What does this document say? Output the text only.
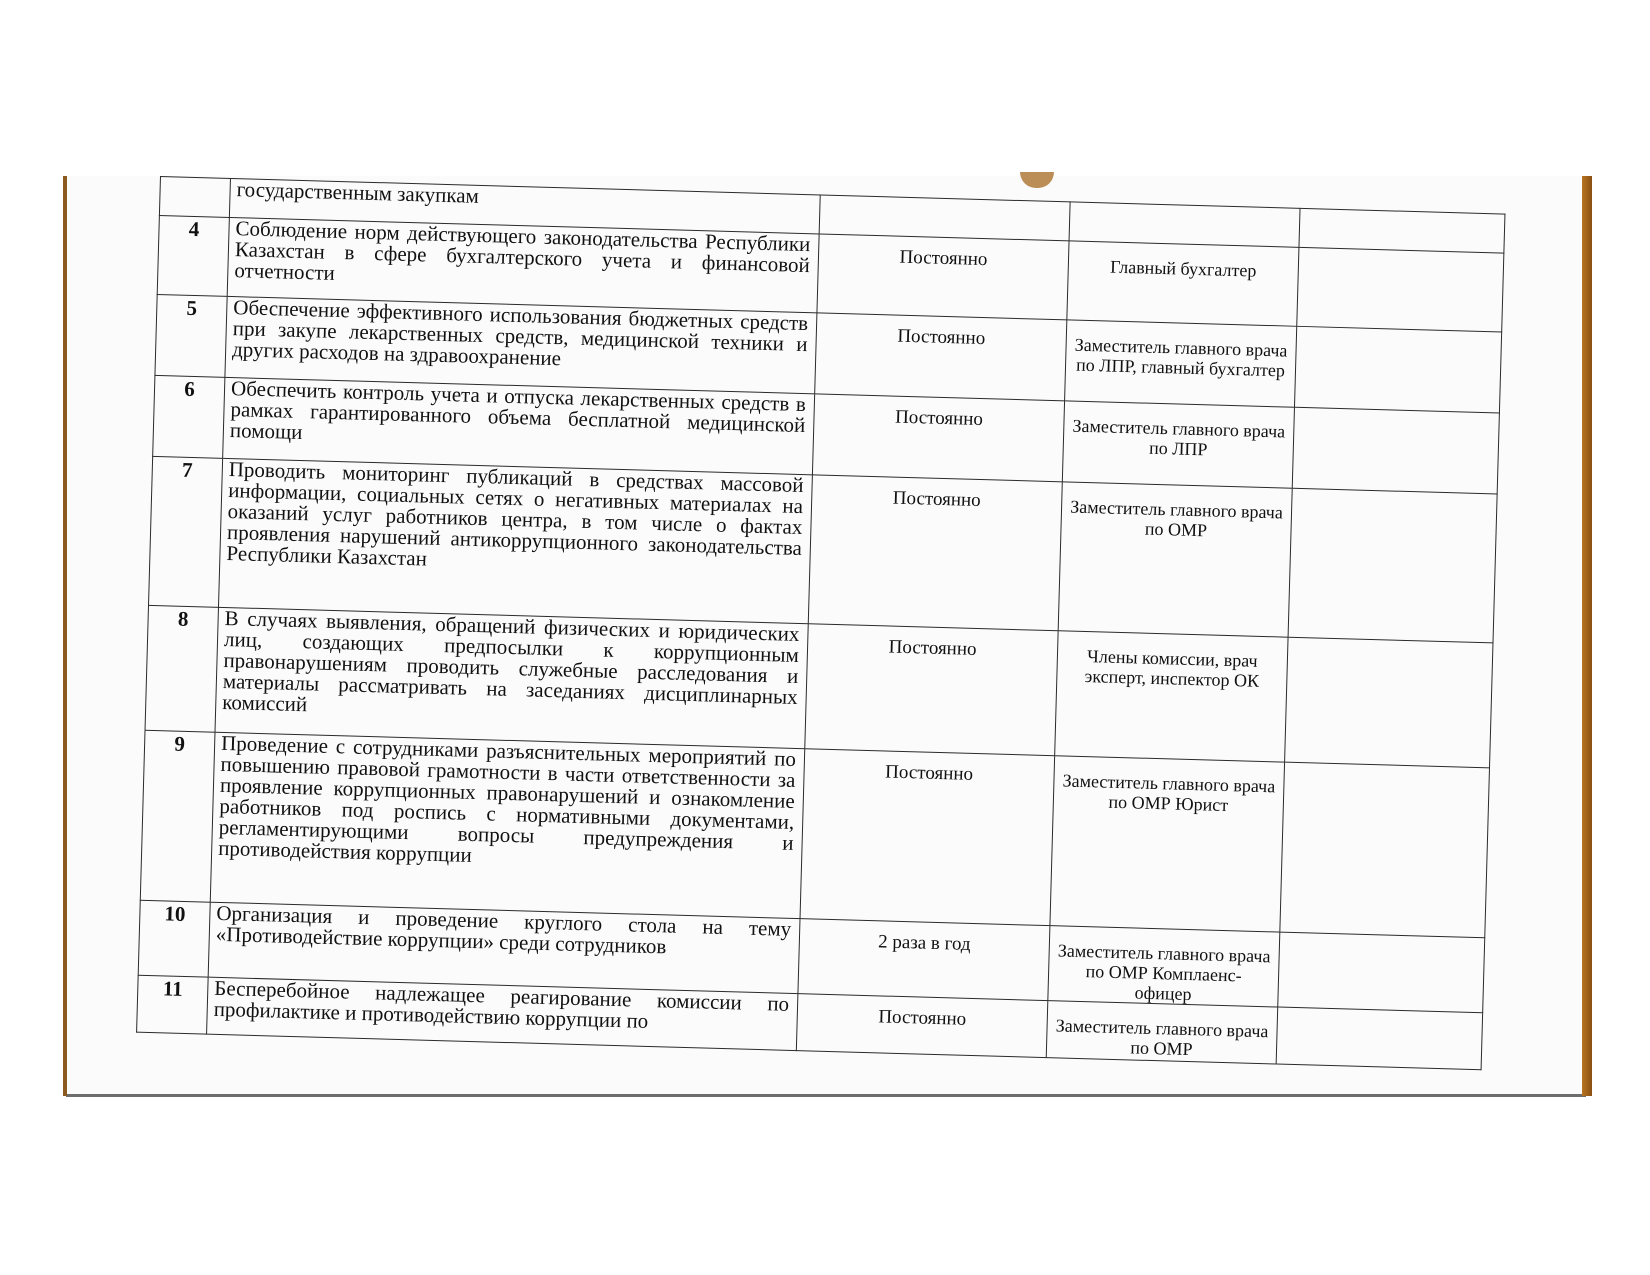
	государственным закупкам			
4	Соблюдение норм действующего законодательства Республики Казахстан в сфере бухгалтерского учета и финансовой отчетности	Постоянно	Главный бухгалтер	
5	Обеспечение эффективного использования бюджетных средств при закупе лекарственных средств, медицинской техники и других расходов на здравоохранение	Постоянно	Заместитель главного врача по ЛПР, главный бухгалтер	
6	Обеспечить контроль учета и отпуска лекарственных средств в рамках гарантированного объема бесплатной медицинской помощи	Постоянно	Заместитель главного врача по ЛПР	
7	Проводить мониторинг публикаций в средствах массовой информации, социальных сетях о негативных материалах на оказаний услуг работников центра, в том числе о фактах проявления нарушений антикоррупционного законодательства Республики Казахстан	Постоянно	Заместитель главного врача по ОМР	
8	В случаях выявления, обращений физических и юридических лиц, создающих предпосылки к коррупционным правонарушениям проводить служебные расследования и материалы рассматривать на заседаниях дисциплинарных комиссий	Постоянно	Члены комиссии, врач эксперт, инспектор ОК	
9	Проведение с сотрудниками разъяснительных мероприятий по повышению правовой грамотности в части ответственности за проявление коррупционных правонарушений и ознакомление работников под роспись с нормативными документами, регламентирующими вопросы предупреждения и противодействия коррупции	Постоянно	Заместитель главного врача по ОМР Юрист	
10	Организация и проведение круглого стола на тему «Противодействие коррупции» среди сотрудников	2 раза в год	Заместитель главного врача по ОМР Комплаенс- офицер	
11	Бесперебойное надлежащее реагирование комиссии по профилактике и противодействию коррупции по	Постоянно	Заместитель главного врача по ОМР	
